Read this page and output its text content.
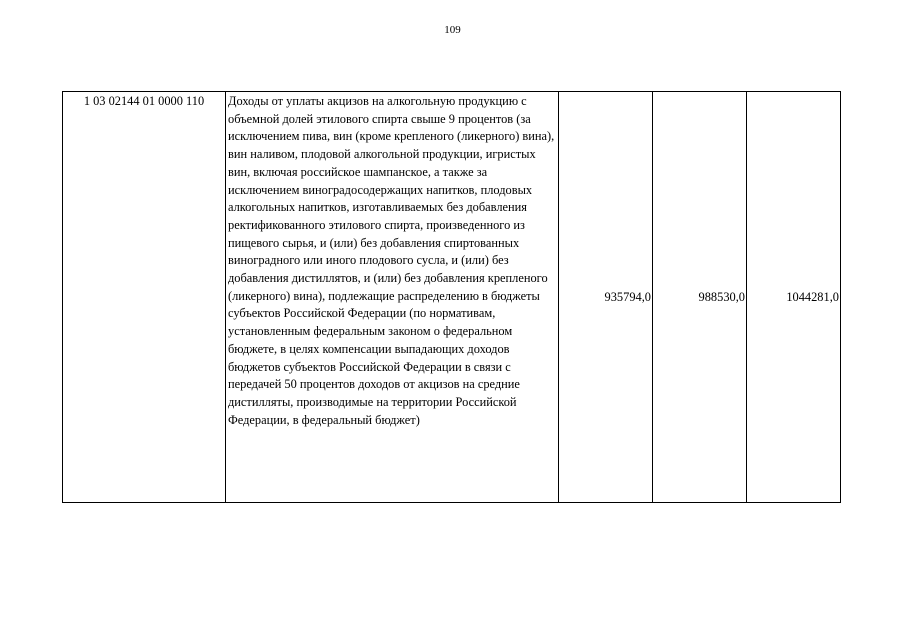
109
1 03 02144 01 0000 110	Доходы от уплаты акцизов на алкогольную продукцию с объемной долей этилового спирта свыше 9 процентов (за исключением пива, вин (кроме крепленого (ликерного) вина), вин наливом, плодовой алкогольной продукции, игристых вин, включая российское шампанское, а также за исключением виноградосодержащих напитков, плодовых алкогольных напитков, изготавливаемых без добавления ректификованного этилового спирта, произведенного из пищевого сырья, и (или) без добавления спиртованных виноградного или иного плодового сусла, и (или) без добавления дистиллятов, и (или) без добавления крепленого (ликерного) вина), подлежащие распределению в бюджеты субъектов Российской Федерации (по нормативам, установленным федеральным законом о федеральном бюджете, в целях компенсации выпадающих доходов бюджетов субъектов Российской Федерации в связи с передачей 50 процентов доходов от акцизов на средние дистилляты, производимые на территории Российской Федерации, в федеральный бюджет)	935794,0	988530,0	1044281,0
